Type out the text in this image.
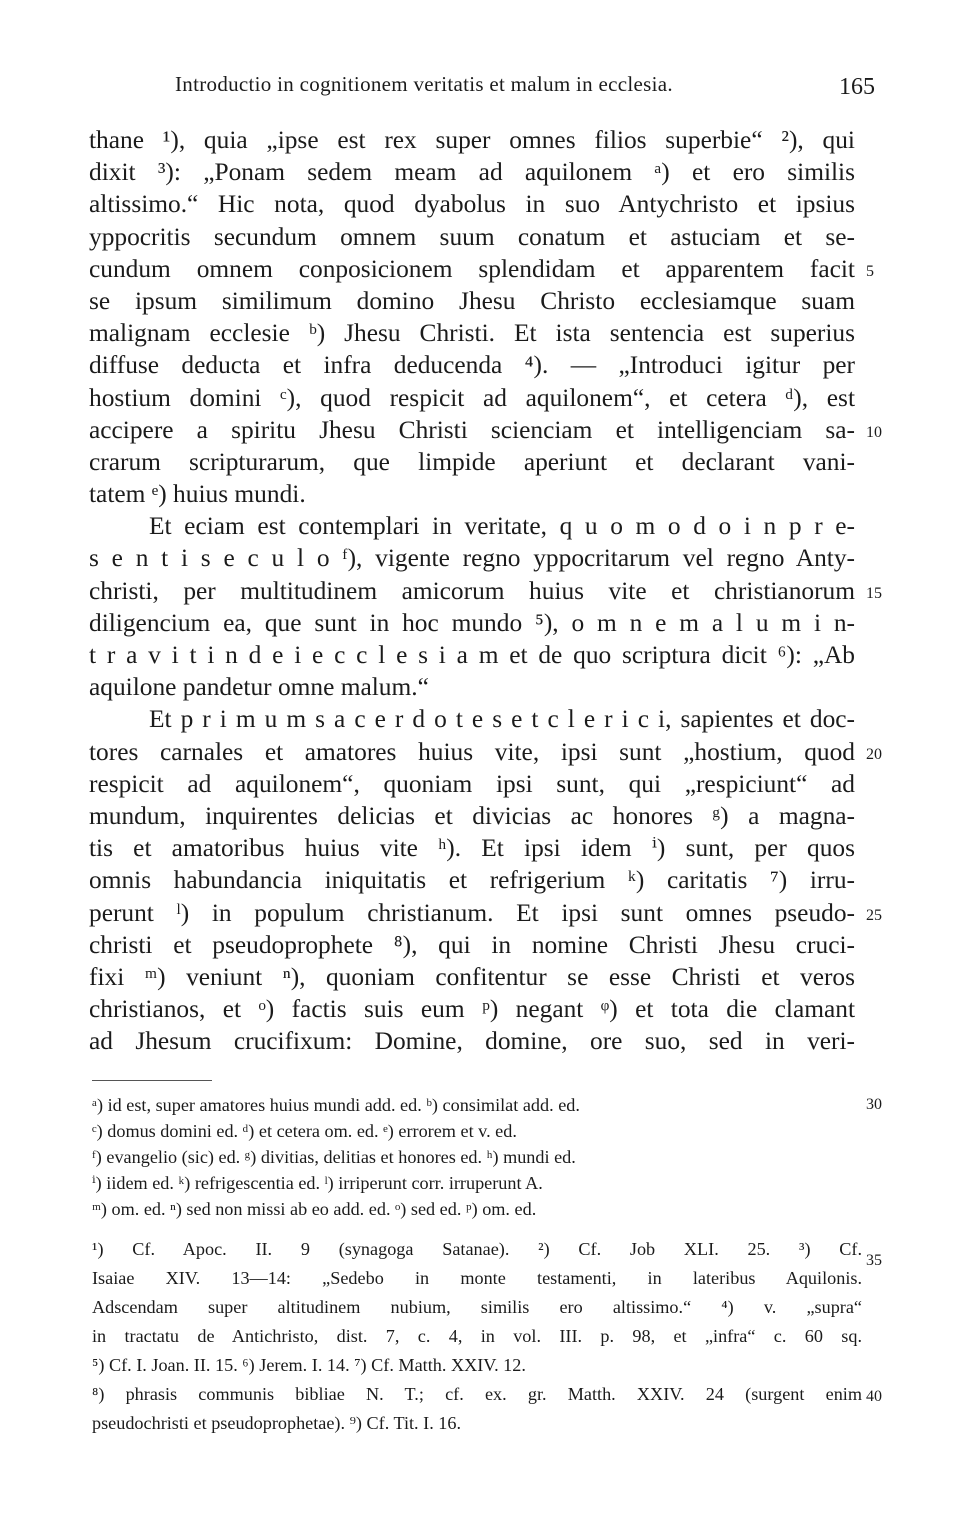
Introductio in cognitionem veritatis et malum in ecclesia.	165
thane ¹), quia „ipse est rex super omnes filios superbie“ ²), qui
dixit ³): „Ponam sedem meam ad aquilonem ᵃ) et ero similis
altissimo.“ Hic nota, quod dyabolus in suo Antychristo et ipsius
yppocritis secundum omnem suum conatum et astuciam et se-
cundum omnem conposicionem splendidam et apparentem facit
se ipsum similimum domino Jhesu Christo ecclesiamque suam
malignam ecclesie ᵇ) Jhesu Christi. Et ista sentencia est superius
diffuse deducta et infra deducenda ⁴). — „Introduci igitur per
hostium domini ᶜ), quod respicit ad aquilonem“, et cetera ᵈ), est
accipere a spiritu Jhesu Christi scienciam et intelligenciam sa-
crarum scripturarum, que limpide aperiunt et declarant vani-
tatem ᵉ) huius mundi.
Et eciam est contemplari in veritate, q u o m o d o i n p r e-
s e n t i s e c u l o ᶠ), vigente regno yppocritarum vel regno Anty-
christi, per multitudinem amicorum huius vite et christianorum
diligencium ea, que sunt in hoc mundo ⁵), o m n e m a l u m i n-
t r a v i t i n d e i e c c l e s i a m et de quo scriptura dicit ⁶): „Ab
aquilone pandetur omne malum.“
Et p r i m u m s a c e r d o t e s e t c l e r i c i, sapientes et doc-
tores carnales et amatores huius vite, ipsi sunt „hostium, quod
respicit ad aquilonem“, quoniam ipsi sunt, qui „respiciunt“ ad
mundum, inquirentes delicias et divicias ac honores ᵍ) a magna-
tis et amatoribus huius vite ʰ). Et ipsi idem ⁱ) sunt, per quos
omnis habundancia iniquitatis et refrigerium ᵏ) caritatis ⁷) irru-
perunt ˡ) in populum christianum. Et ipsi sunt omnes pseudo-
christi et pseudoprophete ⁸), qui in nomine Christi Jhesu cruci-
fixi ᵐ) veniunt ⁿ), quoniam confitentur se esse Christi et veros
christianos, et ᵒ) factis suis eum ᵖ) negant ᵠ) et tota die clamant
ad Jhesum crucifixum: Domine, domine, ore suo, sed in veri-
5
10
15
20
25
ᵃ) id est, super amatores huius mundi add. ed. ᵇ) consimilat add. ed.
ᶜ) domus domini ed. ᵈ) et cetera om. ed. ᵉ) errorem et v. ed.
ᶠ) evangelio (sic) ed. ᵍ) divitias, delitias et honores ed. ʰ) mundi ed.
ⁱ) iidem ed. ᵏ) refrigescentia ed. ˡ) irriperunt corr. irruperunt A.
ᵐ) om. ed. ⁿ) sed non missi ab eo add. ed. ᵒ) sed ed. ᵖ) om. ed.
30
¹) Cf. Apoc. II. 9 (synagoga Satanae). ²) Cf. Job XLI. 25. ³) Cf.
Isaiae XIV. 13—14: „Sedebo in monte testamenti, in lateribus Aquilonis.
Adscendam super altitudinem nubium, similis ero altissimo.“ ⁴) v. „supra“
in tractatu de Antichristo, dist. 7, c. 4, in vol. III. p. 98, et „infra“ c. 60 sq.
⁵) Cf. I. Joan. II. 15. ⁶) Jerem. I. 14. ⁷) Cf. Matth. XXIV. 12.
⁸) phrasis communis bibliae N. T.; cf. ex. gr. Matth. XXIV. 24 (surgent enim
pseudochristi et pseudoprophetae). ⁹) Cf. Tit. I. 16.
35
40
